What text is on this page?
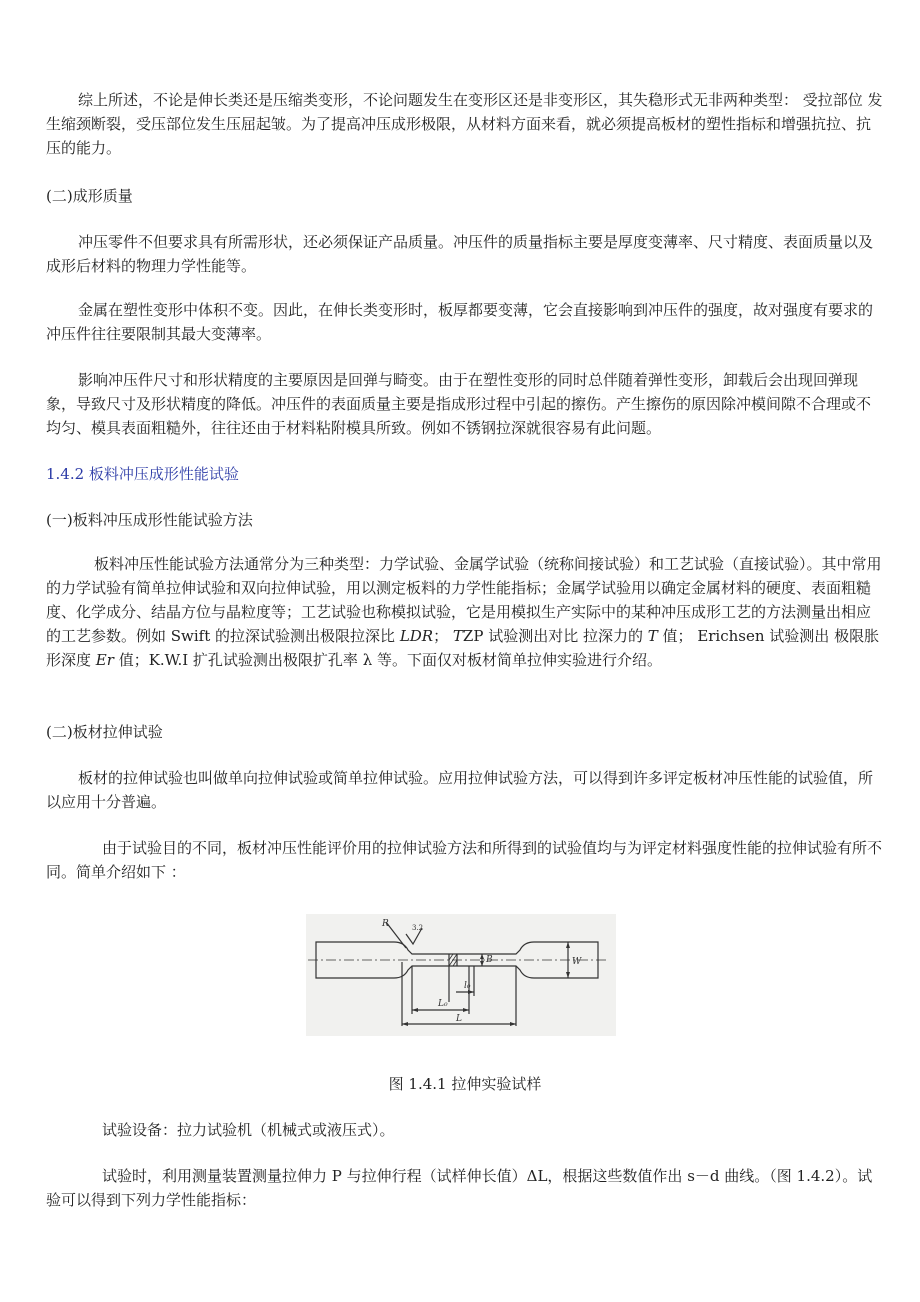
综上所述，不论是伸长类还是压缩类变形，不论问题发生在变形区还是非变形区，其失稳形式无非两种类型： 受拉部位 发生缩颈断裂，受压部位发生压屈起皱。为了提高冲压成形极限，从材料方面来看，就必须提高板材的塑性指标和增强抗拉、抗压的能力。

(二)成形质量

冲压零件不但要求具有所需形状，还必须保证产品质量。冲压件的质量指标主要是厚度变薄率、尺寸精度、表面质量以及成形后材料的物理力学性能等。

金属在塑性变形中体积不变。因此，在伸长类变形时，板厚都要变薄，它会直接影响到冲压件的强度，故对强度有要求的冲压件往往要限制其最大变薄率。

影响冲压件尺寸和形状精度的主要原因是回弹与畸变。由于在塑性变形的同时总伴随着弹性变形，卸载后会出现回弹现象，导致尺寸及形状精度的降低。冲压件的表面质量主要是指成形过程中引起的擦伤。产生擦伤的原因除冲模间隙不合理或不均匀、模具表面粗糙外，往往还由于材料粘附模具所致。例如不锈钢拉深就很容易有此问题。

1.4.2 板料冲压成形性能试验

(一)板料冲压成形性能试验方法

板料冲压性能试验方法通常分为三种类型：力学试验、金属学试验（统称间接试验）和工艺试验（直接试验）。其中常用的力学试验有简单拉伸试验和双向拉伸试验，用以测定板料的力学性能指标；金属学试验用以确定金属材料的硬度、表面粗糙度、化学成分、结晶方位与晶粒度等；工艺试验也称模拟试验，它是用模拟生产实际中的某种冲压成形工艺的方法测量出相应的工艺参数。例如 Swift 的拉深试验测出极限拉深比 LDR； TZP 试验测出对比 拉深力的 T 值； Erichsen 试验测出 极限胀形深度 Er 值；K.W.I 扩孔试验测出极限扩孔率 λ 等。下面仅对板材简单拉伸实验进行介绍。

(二)板材拉伸试验

板材的拉伸试验也叫做单向拉伸试验或简单拉伸试验。应用拉伸试验方法，可以得到许多评定板材冲压性能的试验值，所以应用十分普遍。

由于试验目的不同，板材冲压性能评价用的拉伸试验方法和所得到的试验值均与为评定材料强度性能的拉伸试验有所不同。简单介绍如下 ：

R	3.2
B	W
L₀
l₀
L

图 1.4.1 拉伸实验试样

试验设备：拉力试验机（机械式或液压式）。

试验时，利用测量装置测量拉伸力 P 与拉伸行程（试样伸长值）ΔL，根据这些数值作出 s－d 曲线。（图 1.4.2）。试验可以得到下列力学性能指标：
